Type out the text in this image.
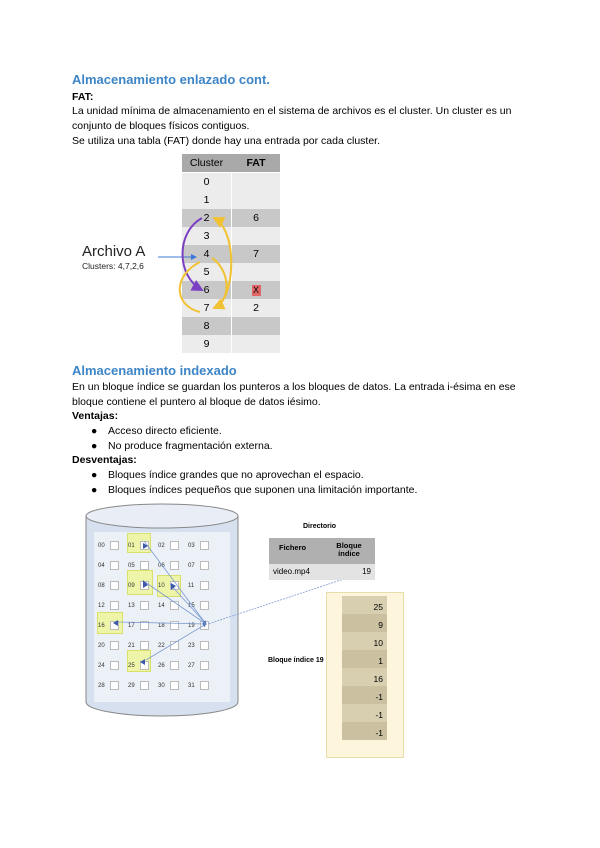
Almacenamiento enlazado cont.
FAT:
La unidad mínima de almacenamiento en el sistema de archivos es el cluster. Un cluster es un conjunto de bloques físicos contiguos.
Se utiliza una tabla (FAT) donde hay una entrada por cada cluster.
Cluster	FAT
0
1
2	6
3
4	7
5
6	X
7	2
8
9
Archivo A
Clusters: 4,7,2,6
Almacenamiento indexado
En un bloque índice se guardan los punteros a los bloques de datos. La entrada i-ésima en ese bloque contiene el puntero al bloque de datos iésimo.
Ventajas:
● Acceso directo eficiente.
● No produce fragmentación externa.
Desventajas:
● Bloques índice grandes que no aprovechan el espacio.
● Bloques índices pequeños que suponen una limitación importante.
00	01	02	03
04	05	06	07
08	09	10	11
12	13	14	15
16	17	18	19
20	21	22	23
24	25	26	27
28	29	30	31
Directorio
Fichero	Bloque índice
video.mp4	19
Bloque índice 19
25
9
10
1
16
-1
-1
-1
